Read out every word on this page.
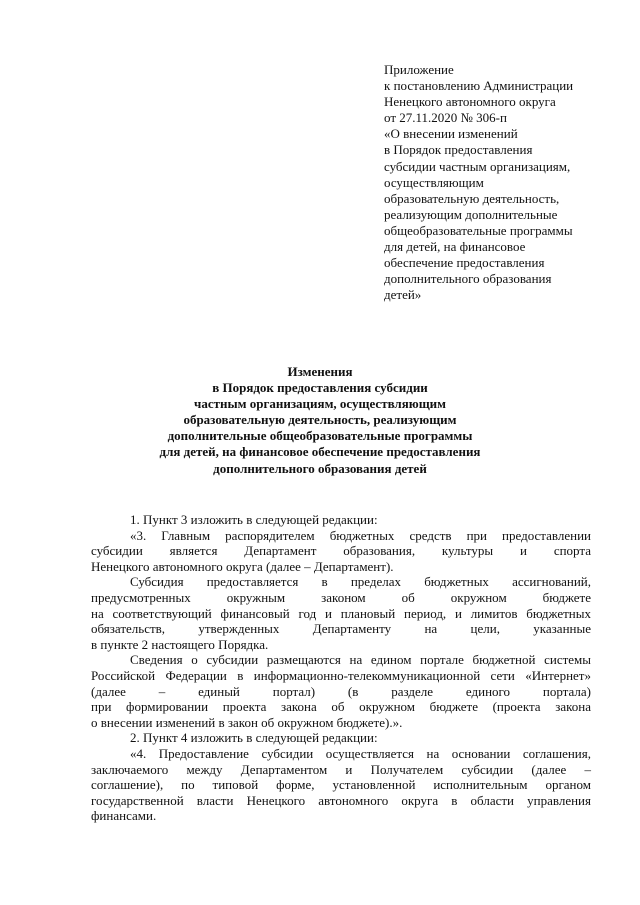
Приложение
к постановлению Администрации
Ненецкого автономного округа
от 27.11.2020 № 306-п
«О внесении изменений
в Порядок предоставления
субсидии частным организациям,
осуществляющим
образовательную деятельность,
реализующим дополнительные
общеобразовательные программы
для детей, на финансовое
обеспечение предоставления
дополнительного образования
детей»
Изменения
в Порядок предоставления субсидии
частным организациям, осуществляющим
образовательную деятельность, реализующим
дополнительные общеобразовательные программы
для детей, на финансовое обеспечение предоставления
дополнительного образования детей
1. Пункт 3 изложить в следующей редакции:
«3. Главным распорядителем бюджетных средств при предоставлении
субсидии является Департамент образования, культуры и спорта
Ненецкого автономного округа (далее – Департамент).
Субсидия предоставляется в пределах бюджетных ассигнований,
предусмотренных окружным законом об окружном бюджете
на соответствующий финансовый год и плановый период, и лимитов бюджетных
обязательств, утвержденных Департаменту на цели, указанные
в пункте 2 настоящего Порядка.
Сведения о субсидии размещаются на едином портале бюджетной системы
Российской Федерации в информационно-телекоммуникационной сети «Интернет»
(далее – единый портал) (в разделе единого портала)
при формировании проекта закона об окружном бюджете (проекта закона
о внесении изменений в закон об окружном бюджете).».
2. Пункт 4 изложить в следующей редакции:
«4. Предоставление субсидии осуществляется на основании соглашения,
заключаемого между Департаментом и Получателем субсидии (далее –
соглашение), по типовой форме, установленной исполнительным органом
государственной власти Ненецкого автономного округа в области управления
финансами.
